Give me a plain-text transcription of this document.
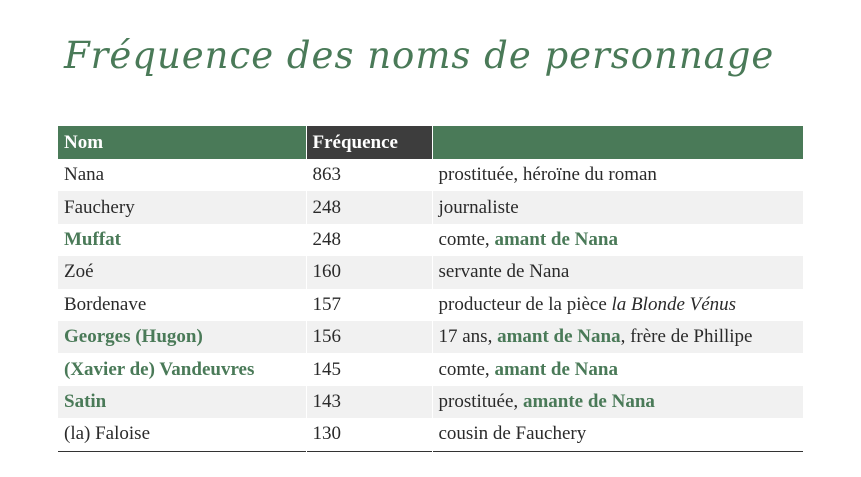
Fréquence des noms de personnage
Nom	Fréquence	
Nana	863	prostituée, héroïne du roman
Fauchery	248	journaliste
Muffat	248	comte, amant de Nana
Zoé	160	servante de Nana
Bordenave	157	producteur de la pièce la Blonde Vénus
Georges (Hugon)	156	17 ans, amant de Nana, frère de Phillipe
(Xavier de) Vandeuvres	145	comte, amant de Nana
Satin	143	prostituée, amante de Nana
(la) Faloise	130	cousin de Fauchery
